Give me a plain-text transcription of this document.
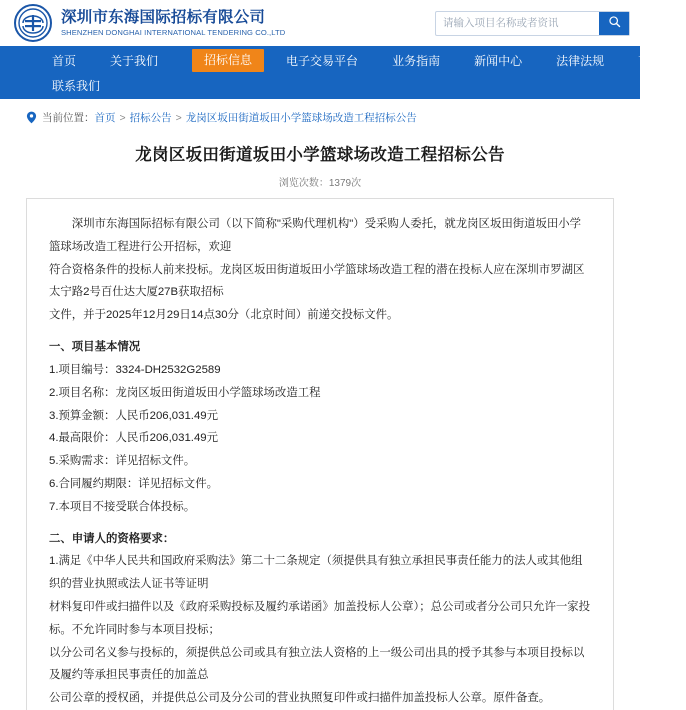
深圳市东海国际招标有限公司
SHENZHEN DONGHAI INTERNATIONAL TENDERING CO.,LTD
请输入项目名称或者资讯
首页	关于我们	招标信息	电子交易平台	业务指南	新闻中心	法律法规	下载中心
联系我们
当前位置： 首页 > 招标公告 > 龙岗区坂田街道坂田小学篮球场改造工程招标公告
龙岗区坂田街道坂田小学篮球场改造工程招标公告
浏览次数：1379次

深圳市东海国际招标有限公司（以下简称"采购代理机构"）受采购人委托，就龙岗区坂田街道坂田小学篮球场改造工程进行公开招标，欢迎

符合资格条件的投标人前来投标。龙岗区坂田街道坂田小学篮球场改造工程的潜在投标人应在深圳市罗湖区太宁路2号百仕达大厦27B获取招标

文件，并于2025年12月29日14点30分（北京时间）前递交投标文件。

一、项目基本情况

1.项目编号：3324-DH2532G2589

2.项目名称：龙岗区坂田街道坂田小学篮球场改造工程

3.预算金额：人民币206,031.49元

4.最高限价：人民币206,031.49元

5.采购需求：详见招标文件。

6.合同履约期限：详见招标文件。

7.本项目不接受联合体投标。

二、申请人的资格要求：

1.满足《中华人民共和国政府采购法》第二十二条规定（须提供具有独立承担民事责任能力的法人或其他组织的营业执照或法人证书等证明

材料复印件或扫描件以及《政府采购投标及履约承诺函》加盖投标人公章）；总公司或者分公司只允许一家投标。不允许同时参与本项目投标；

以分公司名义参与投标的，须提供总公司或具有独立法人资格的上一级公司出具的授予其参与本项目投标以及履约等承担民事责任的加盖总

公司公章的授权函，并提供总公司及分公司的营业执照复印件或扫描件加盖投标人公章。原件备查。
